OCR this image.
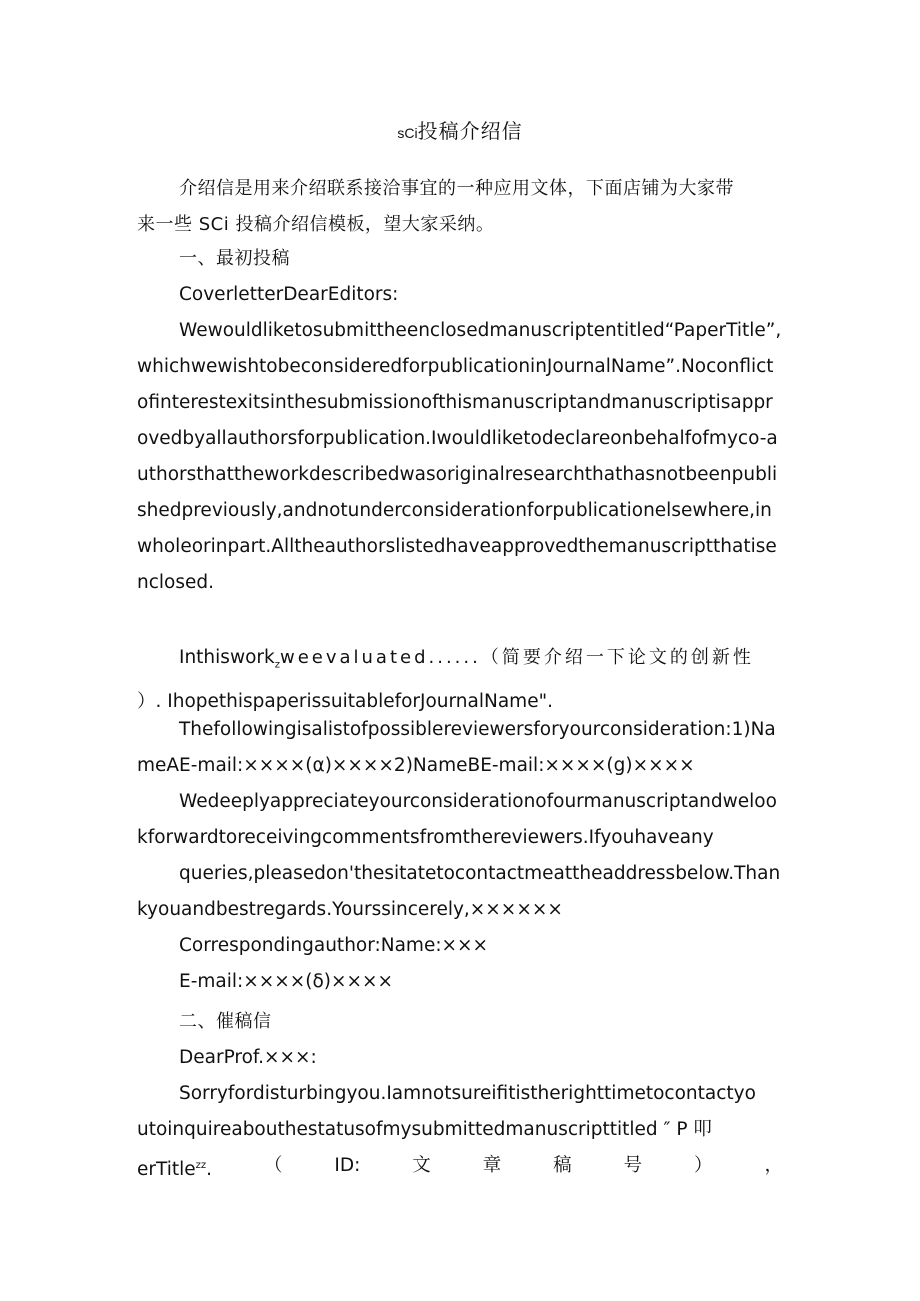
sCi投稿介绍信
介绍信是用来介绍联系接洽事宜的一种应用文体，下面店铺为大家带
来一些 SCi 投稿介绍信模板，望大家采纳。
一、最初投稿
CoverletterDearEditors:
Wewouldliketosubmittheenclosedmanuscriptentitled“PaperTitle”,whichwewishtobeconsideredforpublicationinJournalName”.Noconflictofinterestexitsinthesubmissionofthismanuscriptandmanuscriptisapprovedbyallauthorsforpublication.Iwouldliketodeclareonbehalfofmyco-authorsthattheworkdescribedwasoriginalresearchthathasnotbeenpublishedpreviously,andnotunderconsiderationforpublicationelsewhere,inwholeorinpart.Alltheauthorslistedhaveapprovedthemanuscriptthatisenclosed.
Inthiswork$_z$weevaluated......（简要介绍一下论文的创新性
）. IhopethispaperissuitableforJournalName".
Thefollowingisalistofpossiblereviewersforyourconsideration:1)NameAE-mail:××××(α)××××2)NameBE-mail:××××(g)××××
Wedeeplyappreciateyourconsiderationofourmanuscriptandwelookforwardtoreceivingcommentsfromthereviewers.Ifyouhaveany
queries,pleasedon'thesitatetocontactmeattheaddressbelow.Thankyouandbestregards.Yourssincerely,××××××
Correspondingauthor:Name:×××
E-mail:××××(δ)××××
二、催稿信
DearProf.×××:
Sorryfordisturbingyou.Iamnotsureifitistherighttimetocontactyo
utoinquireabouthestatusofmysubmittedmanuscripttitled ″ P 叩
erTitle$^{zz}$.	（	ID:	文	章	稿	号	）	，
